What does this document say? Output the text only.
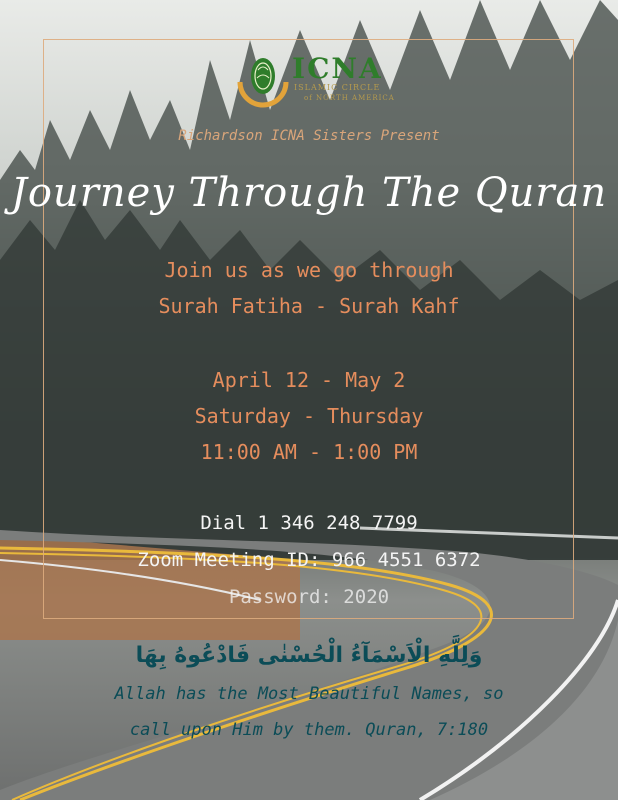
ICNA
ISLAMIC CIRCLE
of NORTH AMERICA
Richardson ICNA Sisters Present
Journey Through The Quran
Join us as we go through
Surah Fatiha - Surah Kahf
April 12 - May 2
Saturday - Thursday
11:00 AM - 1:00 PM
Dial 1 346 248 7799
Zoom Meeting ID: 966 4551 6372
Password: 2020
وَلِلَّهِ الْاَسْمَآءُ الْحُسْنٰى فَادْعُوهُ بِهَا
Allah has the Most Beautiful Names, so
call upon Him by them. Quran, 7:180
